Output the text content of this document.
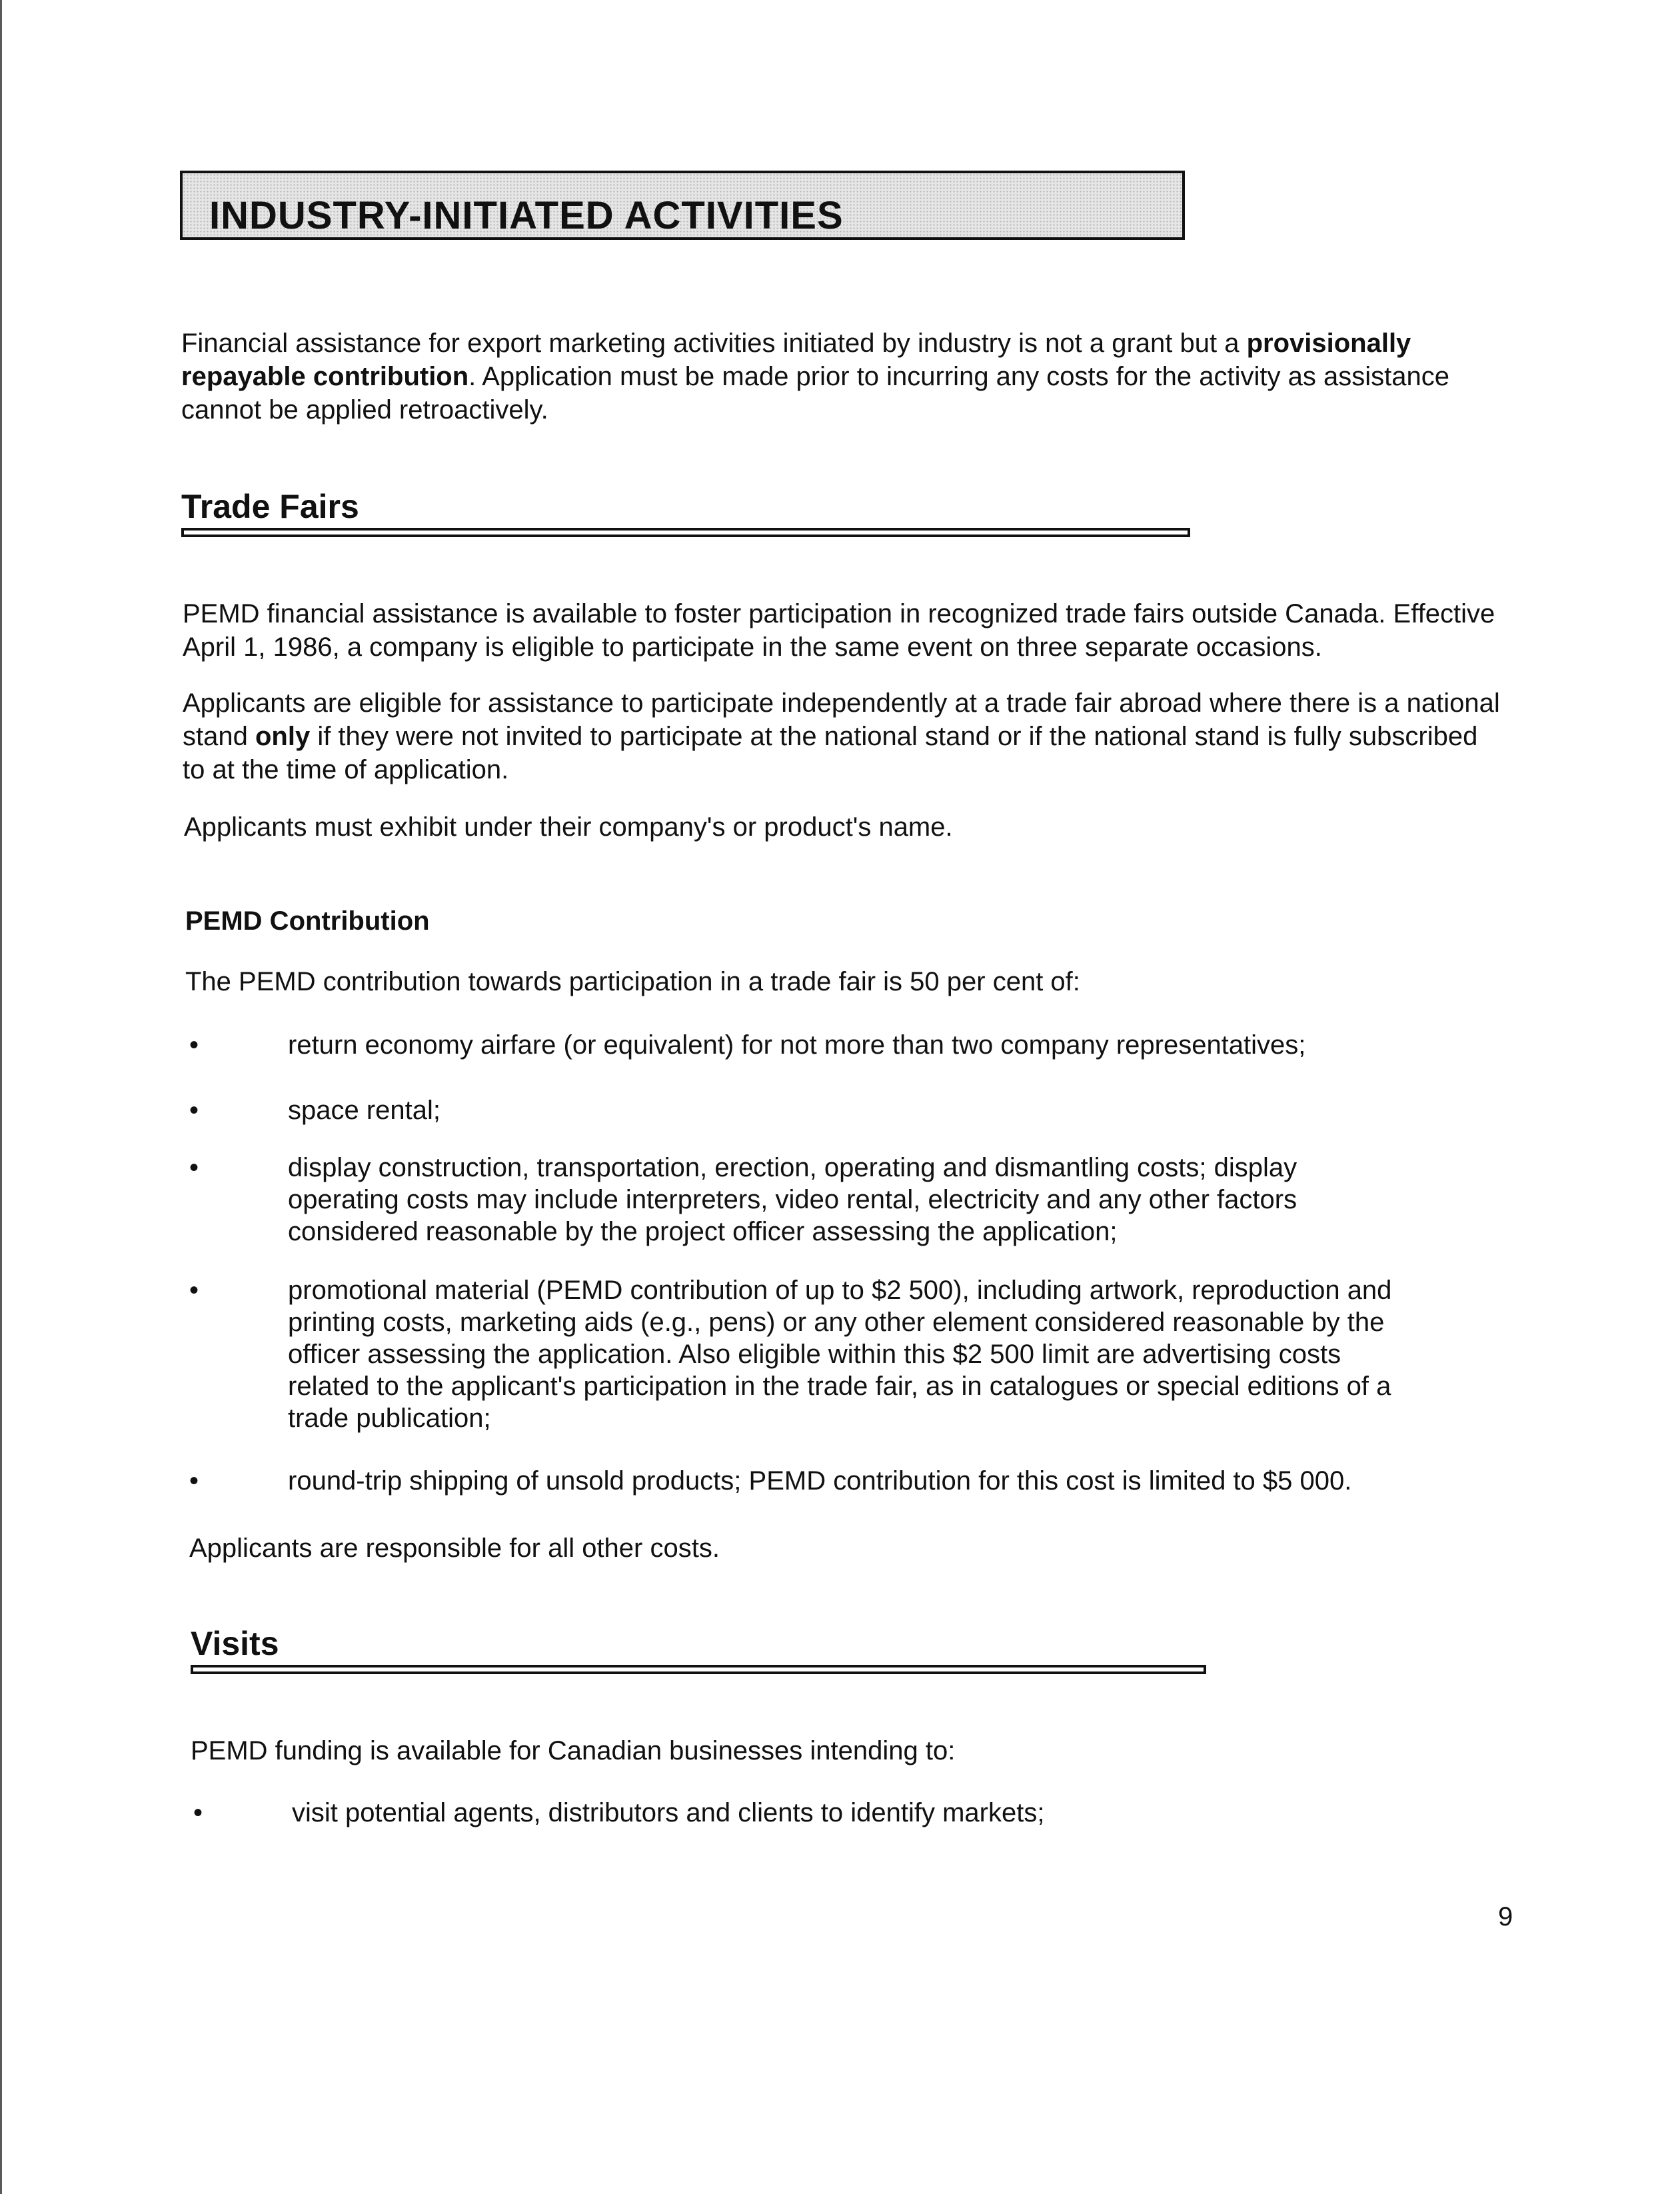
INDUSTRY-INITIATED ACTIVITIES

Financial assistance for export marketing activities initiated by industry is not a grant but a provisionally repayable contribution. Application must be made prior to incurring any costs for the activity as assistance cannot be applied retroactively.

Trade Fairs

PEMD financial assistance is available to foster participation in recognized trade fairs outside Canada. Effective April 1, 1986, a company is eligible to participate in the same event on three separate occasions.

Applicants are eligible for assistance to participate independently at a trade fair abroad where there is a national stand only if they were not invited to participate at the national stand or if the national stand is fully subscribed to at the time of application.

Applicants must exhibit under their company's or product's name.

PEMD Contribution

The PEMD contribution towards participation in a trade fair is 50 per cent of:

•	return economy airfare (or equivalent) for not more than two company representatives;
•	space rental;
•	display construction, transportation, erection, operating and dismantling costs; display operating costs may include interpreters, video rental, electricity and any other factors considered reasonable by the project officer assessing the application;
•	promotional material (PEMD contribution of up to $2 500), including artwork, reproduction and printing costs, marketing aids (e.g., pens) or any other element considered reasonable by the officer assessing the application. Also eligible within this $2 500 limit are advertising costs related to the applicant's participation in the trade fair, as in catalogues or special editions of a trade publication;
•	round-trip shipping of unsold products; PEMD contribution for this cost is limited to $5 000.

Applicants are responsible for all other costs.

Visits

PEMD funding is available for Canadian businesses intending to:

•	visit potential agents, distributors and clients to identify markets;
9
